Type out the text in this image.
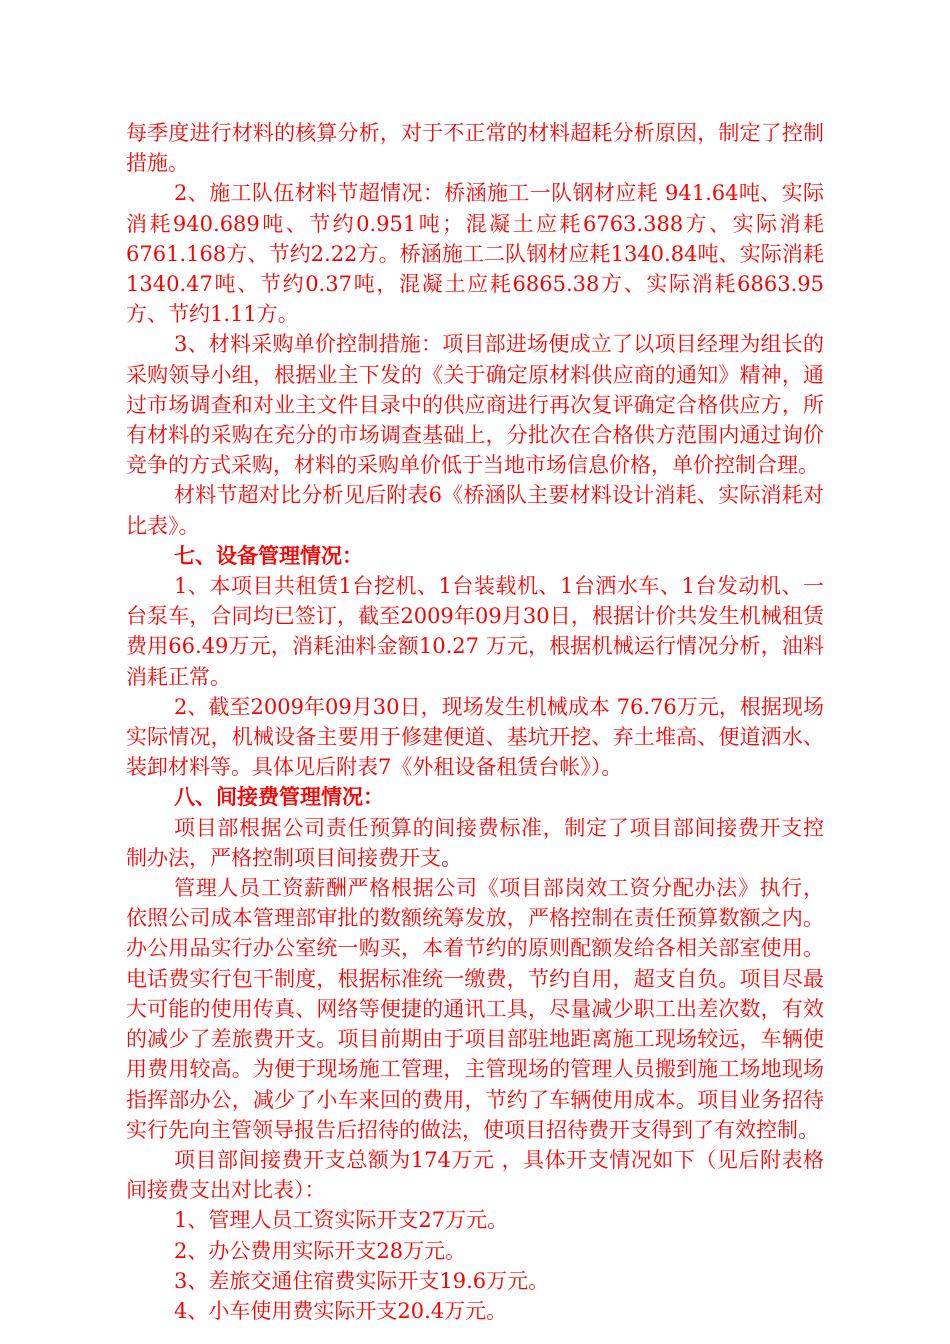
每季度进行材料的核算分析，对于不正常的材料超耗分析原因，制定了控制措施。

2、施工队伍材料节超情况：桥涵施工一队钢材应耗 941.64吨、实际消耗940.689吨、节约0.951吨；混凝土应耗6763.388方、实际消耗6761.168方、节约2.22方。桥涵施工二队钢材应耗1340.84吨、实际消耗1340.47吨、节约0.37吨，混凝土应耗6865.38方、实际消耗6863.95方、节约1.11方。

3、材料采购单价控制措施：项目部进场便成立了以项目经理为组长的采购领导小组，根据业主下发的《关于确定原材料供应商的通知》精神，通过市场调查和对业主文件目录中的供应商进行再次复评确定合格供应方，所有材料的采购在充分的市场调查基础上，分批次在合格供方范围内通过询价竞争的方式采购，材料的采购单价低于当地市场信息价格，单价控制合理。

材料节超对比分析见后附表6《桥涵队主要材料设计消耗、实际消耗对比表》。

七、设备管理情况：

1、本项目共租赁1台挖机、1台装载机、1台洒水车、1台发动机、一台泵车，合同均已签订，截至2009年09月30日，根据计价共发生机械租赁费用66.49万元，消耗油料金额10.27 万元，根据机械运行情况分析，油料消耗正常。

2、截至2009年09月30日，现场发生机械成本 76.76万元，根据现场实际情况，机械设备主要用于修建便道、基坑开挖、弃土堆高、便道洒水、装卸材料等。具体见后附表7《外租设备租赁台帐》）。

八、间接费管理情况：

项目部根据公司责任预算的间接费标准，制定了项目部间接费开支控制办法，严格控制项目间接费开支。

管理人员工资薪酬严格根据公司《项目部岗效工资分配办法》执行，依照公司成本管理部审批的数额统筹发放，严格控制在责任预算数额之内。办公用品实行办公室统一购买，本着节约的原则配额发给各相关部室使用。电话费实行包干制度，根据标准统一缴费，节约自用，超支自负。项目尽最大可能的使用传真、网络等便捷的通讯工具，尽量减少职工出差次数，有效的减少了差旅费开支。项目前期由于项目部驻地距离施工现场较远，车辆使用费用较高。为便于现场施工管理，主管现场的管理人员搬到施工场地现场指挥部办公，减少了小车来回的费用，节约了车辆使用成本。项目业务招待实行先向主管领导报告后招待的做法，使项目招待费开支得到了有效控制。

项目部间接费开支总额为174万元 ，具体开支情况如下（见后附表格间接费支出对比表）：

1、管理人员工资实际开支27万元。

2、办公费用实际开支28万元。

3、差旅交通住宿费实际开支19.6万元。

4、小车使用费实际开支20.4万元。
